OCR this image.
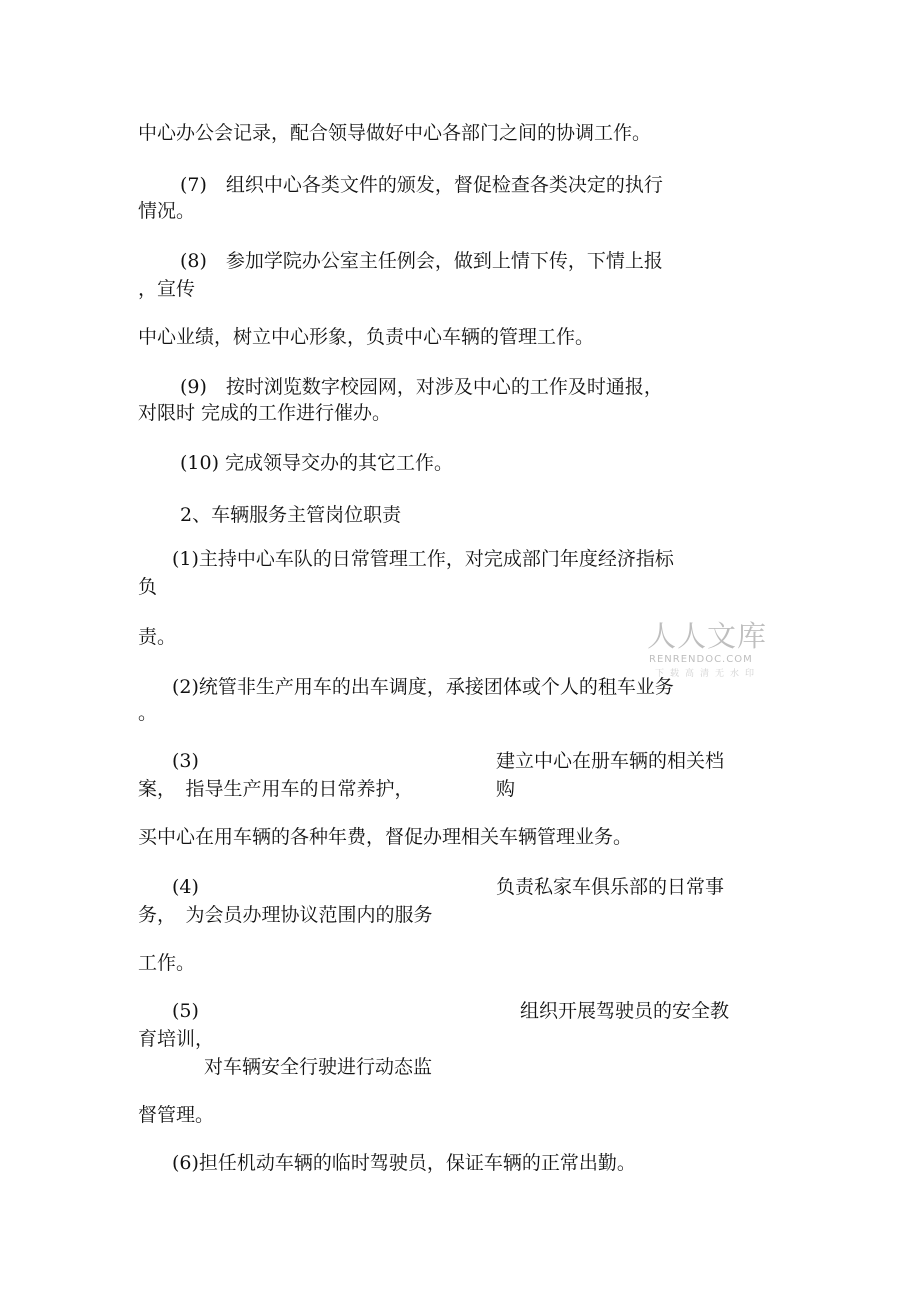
中心办公会记录，配合领导做好中心各部门之间的协调工作。
(7)　组织中心各类文件的颁发，督促检查各类决定的执行
情况。
(8)　参加学院办公室主任例会，做到上情下传，下情上报
，宣传
中心业绩，树立中心形象，负责中心车辆的管理工作。
(9)　按时浏览数字校园网，对涉及中心的工作及时通报，
对限时 完成的工作进行催办。
(10) 完成领导交办的其它工作。
2、车辆服务主管岗位职责
(1)主持中心车队的日常管理工作，对完成部门年度经济指标
负
责。
(2)统管非生产用车的出车调度，承接团体或个人的租车业务
。
(3)	建立中心在册车辆的相关档
案，　指导生产用车的日常养护，	购
买中心在用车辆的各种年费，督促办理相关车辆管理业务。
(4)	负责私家车俱乐部的日常事
务，　为会员办理协议范围内的服务
工作。
(5)	组织开展驾驶员的安全教
育培训，
对车辆安全行驶进行动态监
督管理。
(6)担任机动车辆的临时驾驶员，保证车辆的正常出勤。
人人文库
RENRENDOC.COM
下载高清无水印
